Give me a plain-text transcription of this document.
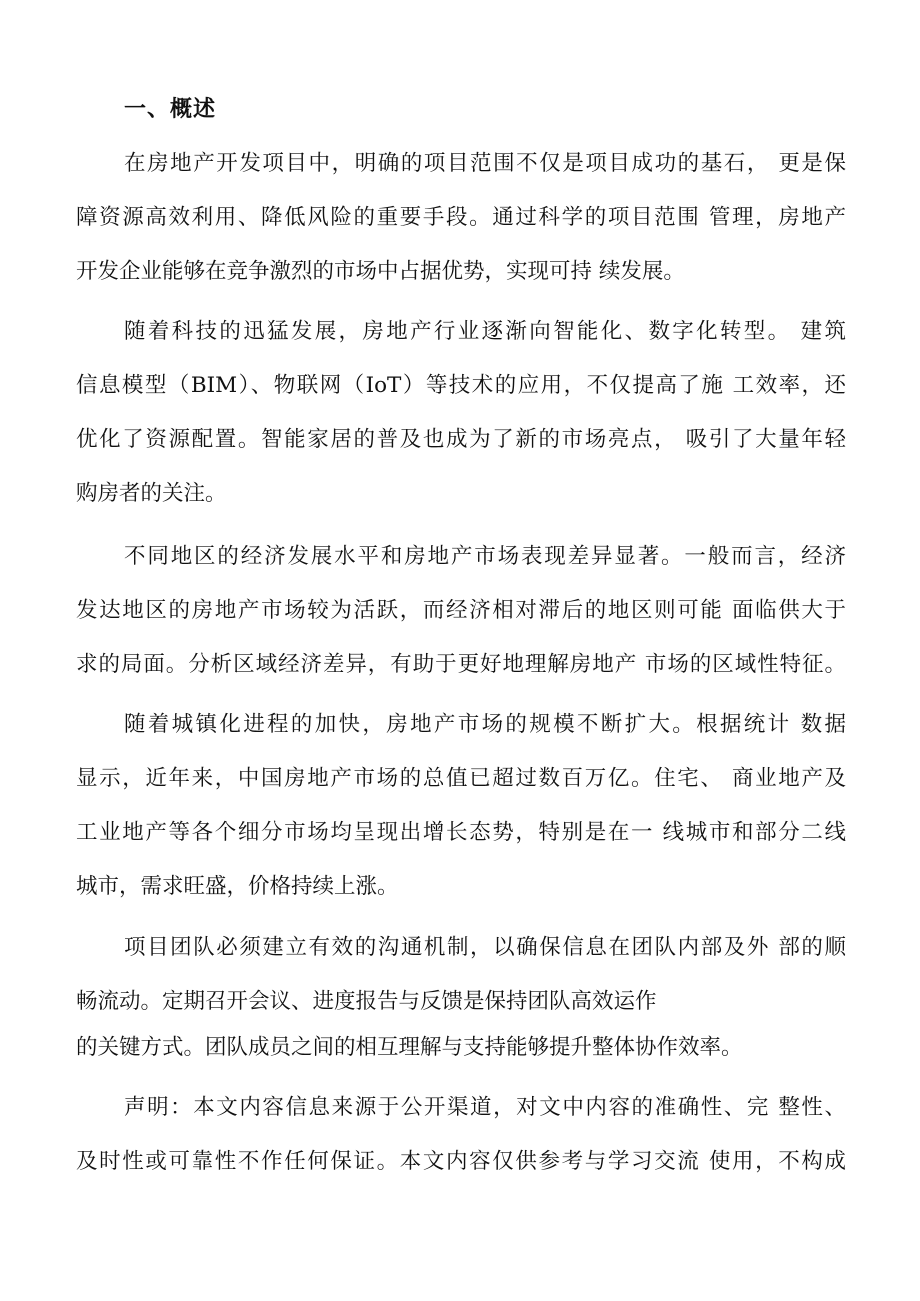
一、概述
在房地产开发项目中，明确的项目范围不仅是项目成功的基石， 更是保
障资源高效利用、降低风险的重要手段。通过科学的项目范围 管理，房地产
开发企业能够在竞争激烈的市场中占据优势，实现可持 续发展。
随着科技的迅猛发展，房地产行业逐渐向智能化、数字化转型。 建筑
信息模型（BIM）、物联网（IoT）等技术的应用，不仅提高了施 工效率，还
优化了资源配置。智能家居的普及也成为了新的市场亮点， 吸引了大量年轻
购房者的关注。
不同地区的经济发展水平和房地产市场表现差异显著。一般而言，经济
发达地区的房地产市场较为活跃，而经济相对滞后的地区则可能 面临供大于
求的局面。分析区域经济差异，有助于更好地理解房地产 市场的区域性特征。
随着城镇化进程的加快，房地产市场的规模不断扩大。根据统计 数据
显示，近年来，中国房地产市场的总值已超过数百万亿。住宅、 商业地产及
工业地产等各个细分市场均呈现出增长态势，特别是在一 线城市和部分二线
城市，需求旺盛，价格持续上涨。
项目团队必须建立有效的沟通机制，以确保信息在团队内部及外 部的顺
畅流动。定期召开会议、进度报告与反馈是保持团队高效运作
的关键方式。团队成员之间的相互理解与支持能够提升整体协作效率。
声明：本文内容信息来源于公开渠道，对文中内容的准确性、完 整性、
及时性或可靠性不作任何保证。本文内容仅供参考与学习交流 使用，不构成
